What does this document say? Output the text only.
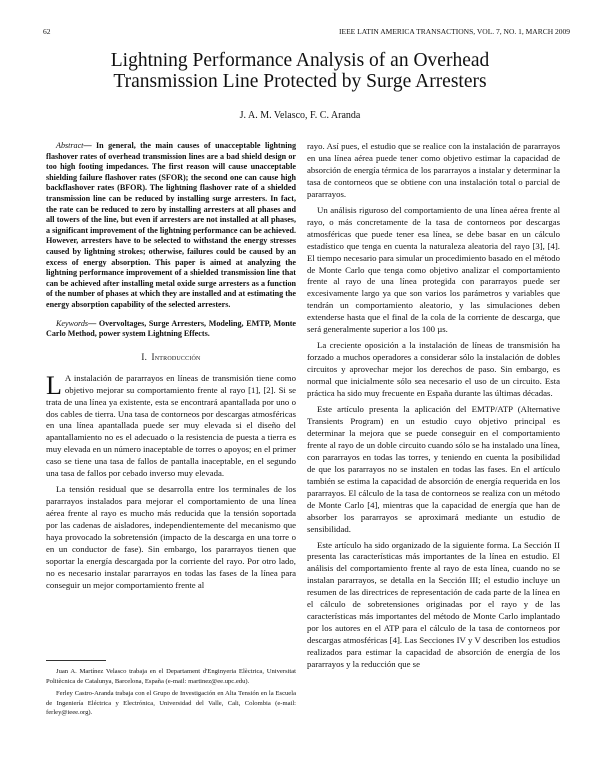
62	IEEE LATIN AMERICA TRANSACTIONS, VOL. 7, NO. 1, MARCH 2009
Lightning Performance Analysis of an Overhead
Transmission Line Protected by Surge Arresters
J. A. M. Velasco, F. C. Aranda

Abstract— In general, the main causes of unacceptable lightning flashover rates of overhead transmission lines are a bad shield design or too high footing impedances. The first reason will cause unacceptable shielding failure flashover rates (SFOR); the second one can cause high backflashover rates (BFOR). The lightning flashover rate of a shielded transmission line can be reduced by installing surge arresters. In fact, the rate can be reduced to zero by installing arresters at all phases and all towers of the line, but even if arresters are not installed at all phases, a significant improvement of the lightning performance can be achieved. However, arresters have to be selected to withstand the energy stresses caused by lightning strokes; otherwise, failures could be caused by an excess of energy absorption. This paper is aimed at analyzing the lightning performance improvement of a shielded transmission line that can be achieved after installing metal oxide surge arresters as a function of the number of phases at which they are installed and at estimating the energy absorption capability of the selected arresters.

Keywords— Overvoltages, Surge Arresters, Modeling, EMTP, Monte Carlo Method, power system Lightning Effects.

I. Introducción

L A instalación de pararrayos en líneas de transmisión tiene como objetivo mejorar su comportamiento frente al rayo [1], [2]. Si se trata de una línea ya existente, esta se encontrará apantallada por uno o dos cables de tierra. Una tasa de contorneos por descargas atmosféricas en una línea apantallada puede ser muy elevada si el diseño del apantallamiento no es el adecuado o la resistencia de puesta a tierra es muy elevada en un número inaceptable de torres o apoyos; en el primer caso se tiene una tasa de fallos de pantalla inaceptable, en el segundo una tasa de fallos por cebado inverso muy elevada.

La tensión residual que se desarrolla entre los terminales de los pararrayos instalados para mejorar el comportamiento de una línea aérea frente al rayo es mucho más reducida que la tensión soportada por las cadenas de aisladores, independientemente del mecanismo que haya provocado la sobretensión (impacto de la descarga en una torre o en un conductor de fase). Sin embargo, los pararrayos tienen que soportar la energía descargada por la corriente del rayo. Por otro lado, no es necesario instalar pararrayos en todas las fases de la línea para conseguir un mejor comportamiento frente al

Juan A. Martínez Velasco trabaja en el Departament d'Enginyeria Elèctrica, Universitat Politècnica de Catalunya, Barcelona, España (e-mail: martinez@ee.upc.edu).

Ferley Castro-Aranda trabaja con el Grupo de Investigación en Alta Tensión en la Escuela de Ingeniería Eléctrica y Electrónica, Universidad del Valle, Cali, Colombia (e-mail: ferley@ieee.org).

rayo. Así pues, el estudio que se realice con la instalación de pararrayos en una línea aérea puede tener como objetivo estimar la capacidad de absorción de energía térmica de los pararrayos a instalar y determinar la tasa de contorneos que se obtiene con una instalación total o parcial de pararrayos.

Un análisis riguroso del comportamiento de una línea aérea frente al rayo, o más concretamente de la tasa de contorneos por descargas atmosféricas que puede tener esa línea, se debe basar en un cálculo estadístico que tenga en cuenta la naturaleza aleatoria del rayo [3], [4]. El tiempo necesario para simular un procedimiento basado en el método de Monte Carlo que tenga como objetivo analizar el comportamiento frente al rayo de una línea protegida con pararrayos puede ser excesivamente largo ya que son varios los parámetros y variables que tendrán un comportamiento aleatorio, y las simulaciones deben extenderse hasta que el final de la cola de la corriente de descarga, que será generalmente superior a los 100 µs.

La creciente oposición a la instalación de líneas de transmisión ha forzado a muchos operadores a considerar sólo la instalación de dobles circuitos y aprovechar mejor los derechos de paso. Sin embargo, es normal que inicialmente sólo sea necesario el uso de un circuito. Esta práctica ha sido muy frecuente en España durante las últimas décadas.

Este artículo presenta la aplicación del EMTP/ATP (Alternative Transients Program) en un estudio cuyo objetivo principal es determinar la mejora que se puede conseguir en el comportamiento frente al rayo de un doble circuito cuando sólo se ha instalado una línea, con pararrayos en todas las torres, y teniendo en cuenta la posibilidad de que los pararrayos no se instalen en todas las fases. En el artículo también se estima la capacidad de absorción de energía requerida en los pararrayos. El cálculo de la tasa de contorneos se realiza con un método de Monte Carlo [4], mientras que la capacidad de energía que han de absorber los pararrayos se aproximará mediante un estudio de sensibilidad.

Este artículo ha sido organizado de la siguiente forma. La Sección II presenta las características más importantes de la línea en estudio. El análisis del comportamiento frente al rayo de esta línea, cuando no se instalan pararrayos, se detalla en la Sección III; el estudio incluye un resumen de las directrices de representación de cada parte de la línea en el cálculo de sobretensiones originadas por el rayo y de las características más importantes del método de Monte Carlo implantado por los autores en el ATP para el cálculo de la tasa de contorneos por descargas atmosféricas [4]. Las Secciones IV y V describen los estudios realizados para estimar la capacidad de absorción de energía de los pararrayos y la reducción que se
